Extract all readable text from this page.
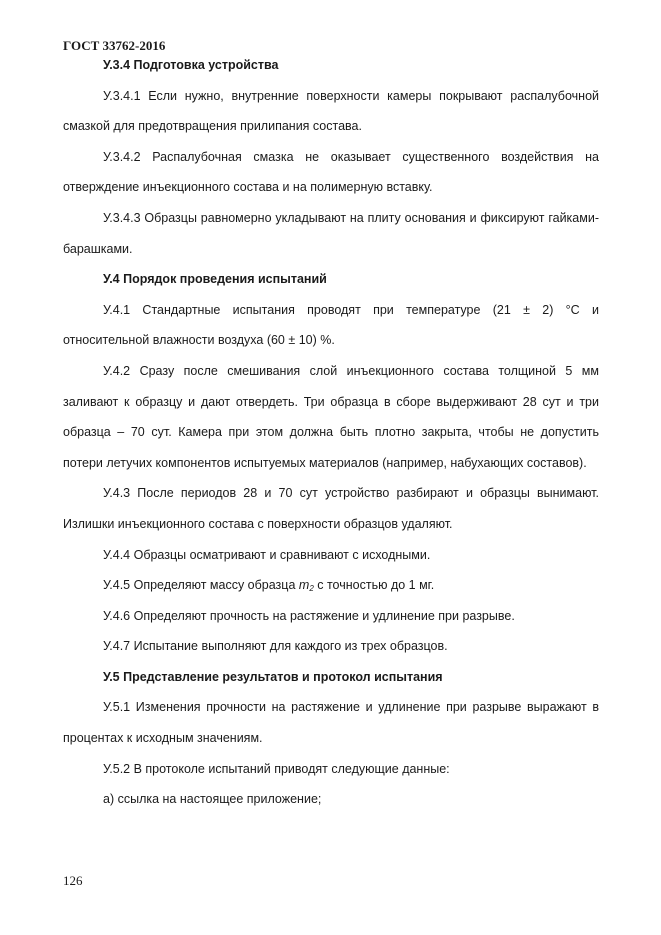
ГОСТ 33762-2016

У.3.4 Подготовка устройства

У.3.4.1 Если нужно, внутренние поверхности камеры покрывают распалубочной смазкой для предотвращения прилипания состава.

У.3.4.2 Распалубочная смазка не оказывает существенного воздействия на отверждение инъекционного состава и на полимерную вставку.

У.3.4.3 Образцы равномерно укладывают на плиту основания и фиксируют гайками-барашками.

У.4 Порядок проведения испытаний

У.4.1 Стандартные испытания проводят при температуре (21 ± 2) °С и относительной влажности воздуха (60 ± 10) %.

У.4.2 Сразу после смешивания слой инъекционного состава толщиной 5 мм заливают к образцу и дают отвердеть. Три образца в сборе выдерживают 28 сут и три образца – 70 сут. Камера при этом должна быть плотно закрыта, чтобы не допустить потери летучих компонентов испытуемых материалов (например, набухающих составов).

У.4.3 После периодов 28 и 70 сут устройство разбирают и образцы вынимают. Излишки инъекционного состава с поверхности образцов удаляют.

У.4.4 Образцы осматривают и сравнивают с исходными.

У.4.5 Определяют массу образца $m_2$ с точностью до 1 мг.

У.4.6 Определяют прочность на растяжение и удлинение при разрыве.

У.4.7 Испытание выполняют для каждого из трех образцов.

У.5 Представление результатов и протокол испытания

У.5.1 Изменения прочности на растяжение и удлинение при разрыве выражают в процентах к исходным значениям.

У.5.2 В протоколе испытаний приводят следующие данные:

а) ссылка на настоящее приложение;

126
